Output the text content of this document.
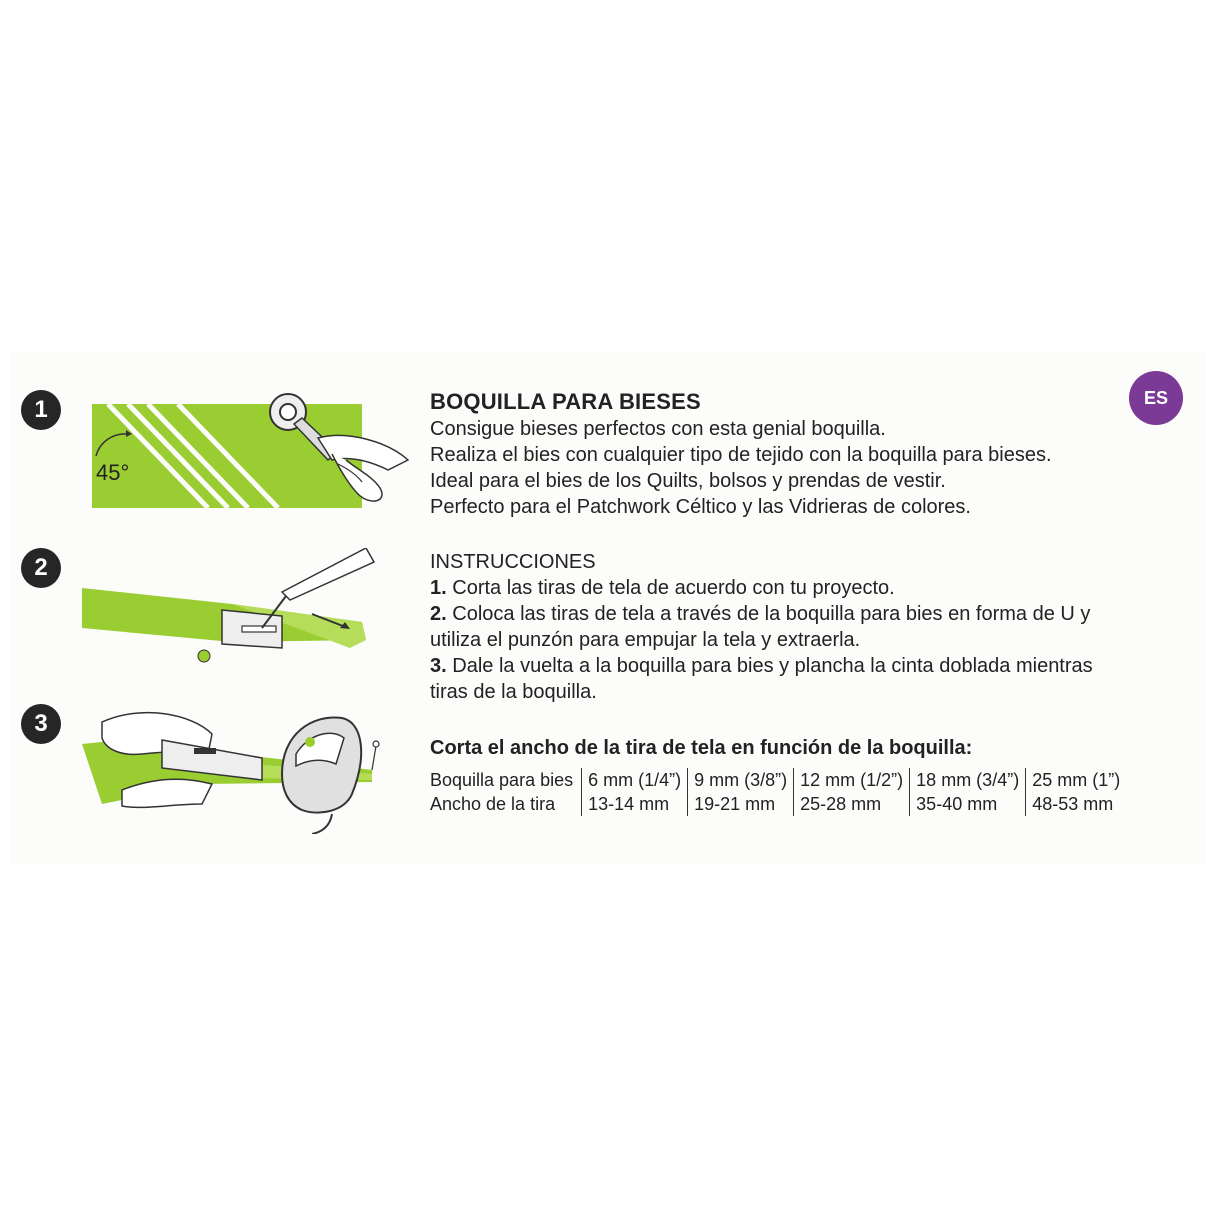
1
2
3
ES
45°
BOQUILLA PARA BIESES

Consigue bieses perfectos con esta genial boquilla.

Realiza el bies con cualquier tipo de tejido con la boquilla para bieses.

Ideal para el bies de los Quilts, bolsos y prendas de vestir.

Perfecto para el Patchwork Céltico y las Vidrieras de colores.

INSTRUCCIONES

1. Corta las tiras de tela de acuerdo con tu proyecto.

2. Coloca las tiras de tela a través de la boquilla para bies en forma de U y

utiliza el punzón para empujar la tela y extraerla.

3. Dale la vuelta a la boquilla para bies y plancha la cinta doblada mientras

tiras de la boquilla.

Corta el ancho de la tira de tela en función de la boquilla:
Boquilla para bies	6 mm (1/4”)	9 mm (3/8”)	12 mm (1/2”)	18 mm (3/4”)	25 mm (1”)
Ancho de la tira	13-14 mm	19-21 mm	25-28 mm	35-40 mm	48-53 mm
